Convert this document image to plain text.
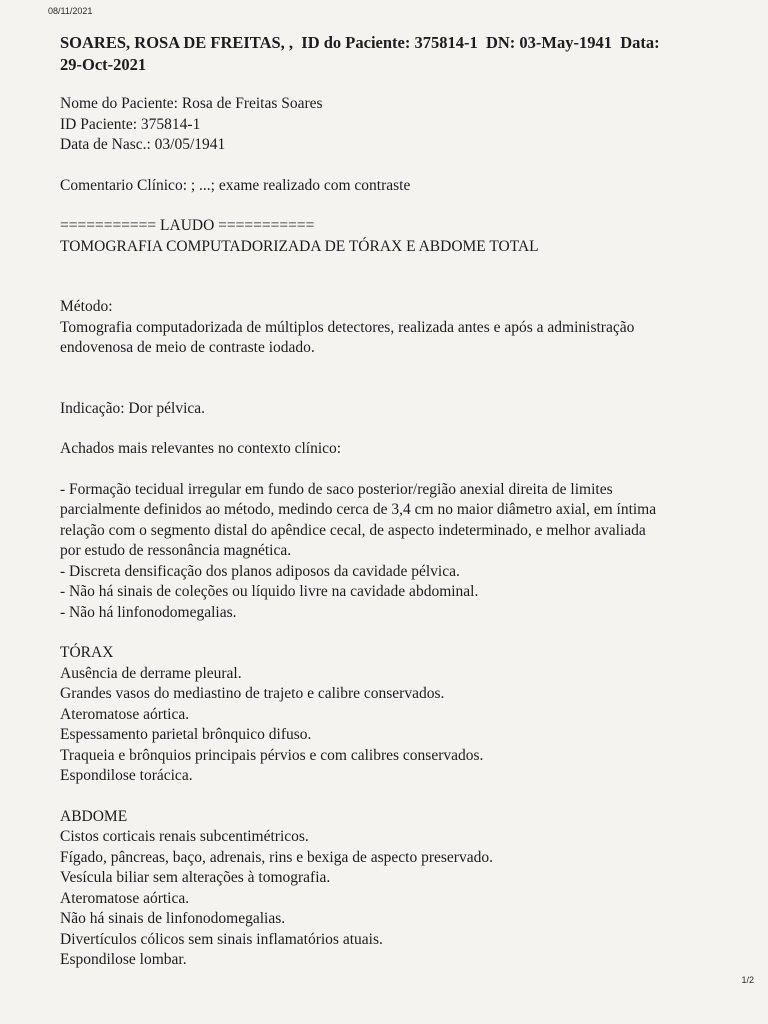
08/11/2021
SOARES, ROSA DE FREITAS, ,  ID do Paciente: 375814-1  DN: 03-May-1941  Data:
29-Oct-2021
Nome do Paciente: Rosa de Freitas Soares
ID Paciente: 375814-1
Data de Nasc.: 03/05/1941
Comentario Clínico: ; ...; exame realizado com contraste
=========== LAUDO ===========
TOMOGRAFIA COMPUTADORIZADA DE TÓRAX E ABDOME TOTAL
Método:
Tomografia computadorizada de múltiplos detectores, realizada antes e após a administração
endovenosa de meio de contraste iodado.
Indicação: Dor pélvica.
Achados mais relevantes no contexto clínico:
- Formação tecidual irregular em fundo de saco posterior/região anexial direita de limites
parcialmente definidos ao método, medindo cerca de 3,4 cm no maior diâmetro axial, em íntima
relação com o segmento distal do apêndice cecal, de aspecto indeterminado, e melhor avaliada
por estudo de ressonância magnética.
- Discreta densificação dos planos adiposos da cavidade pélvica.
- Não há sinais de coleções ou líquido livre na cavidade abdominal.
- Não há linfonodomegalias.
TÓRAX
Ausência de derrame pleural.
Grandes vasos do mediastino de trajeto e calibre conservados.
Ateromatose aórtica.
Espessamento parietal brônquico difuso.
Traqueia e brônquios principais pérvios e com calibres conservados.
Espondilose torácica.
ABDOME
Cistos corticais renais subcentimétricos.
Fígado, pâncreas, baço, adrenais, rins e bexiga de aspecto preservado.
Vesícula biliar sem alterações à tomografia.
Ateromatose aórtica.
Não há sinais de linfonodomegalias.
Divertículos cólicos sem sinais inflamatórios atuais.
Espondilose lombar.
1/2
